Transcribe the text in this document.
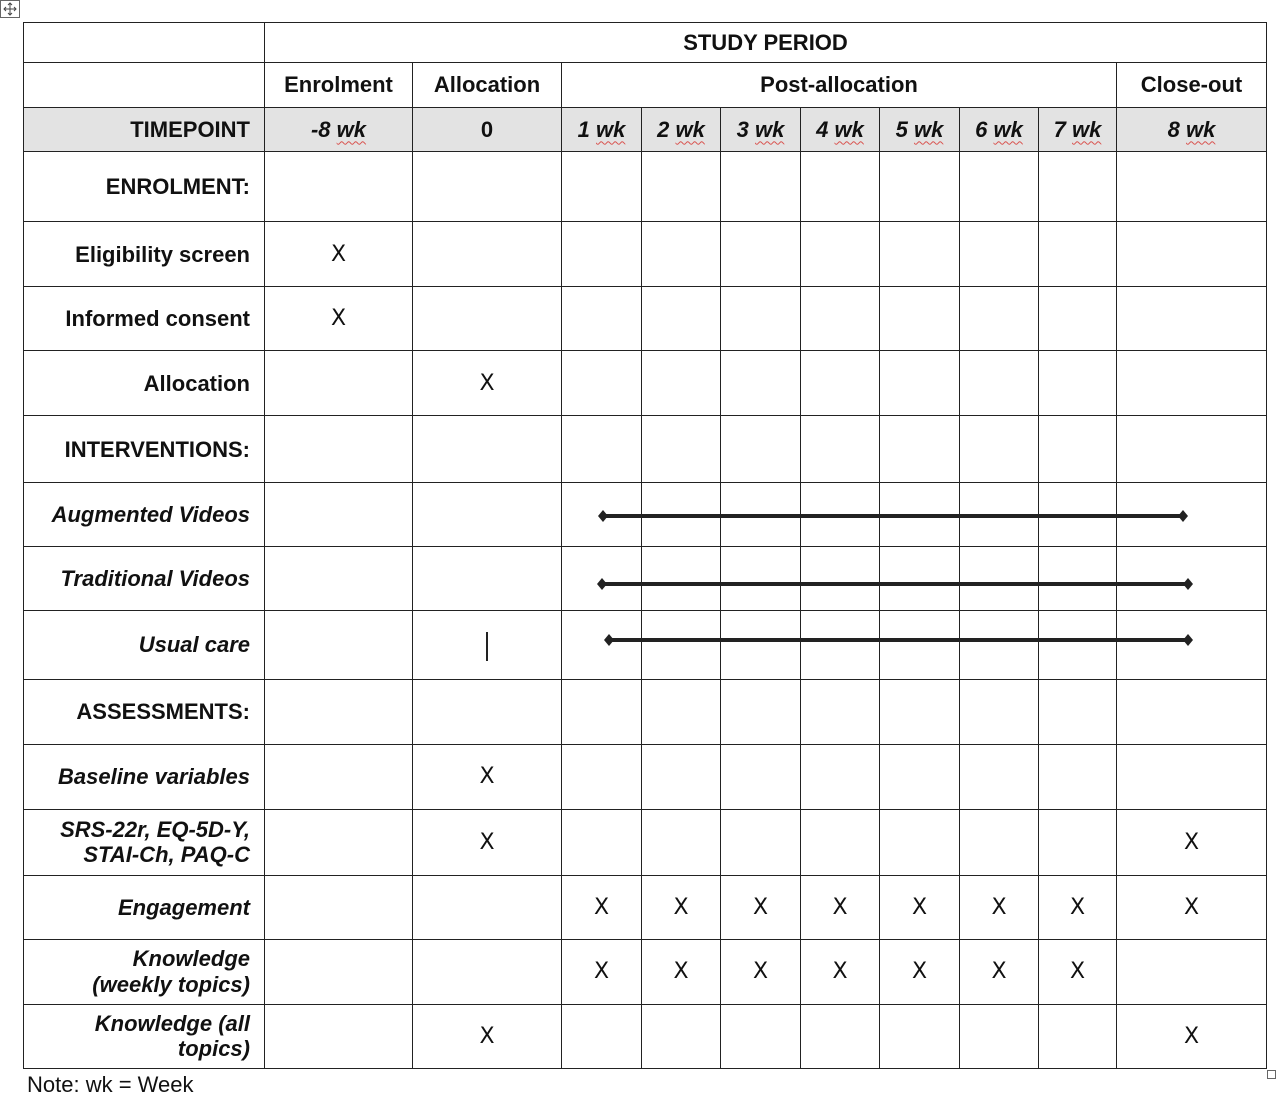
	STUDY PERIOD									
	Enrolment	Allocation	Post-allocation							Close-out
TIMEPOINT	-8 wk	0	1 wk	2 wk	3 wk	4 wk	5 wk	6 wk	7 wk	8 wk
ENROLMENT:										
Eligibility screen	X									
Informed consent	X									
Allocation		X								
INTERVENTIONS:										
Augmented Videos										
Traditional Videos										
Usual care										
ASSESSMENTS:										
Baseline variables		X								
SRS-22r, EQ-5D-Y,
STAI-Ch, PAQ-C		X								X
Engagement			X	X	X	X	X	X	X	X
Knowledge
(weekly topics)			X	X	X	X	X	X	X	
Knowledge (all
topics)		X								X
Note: wk = Week
